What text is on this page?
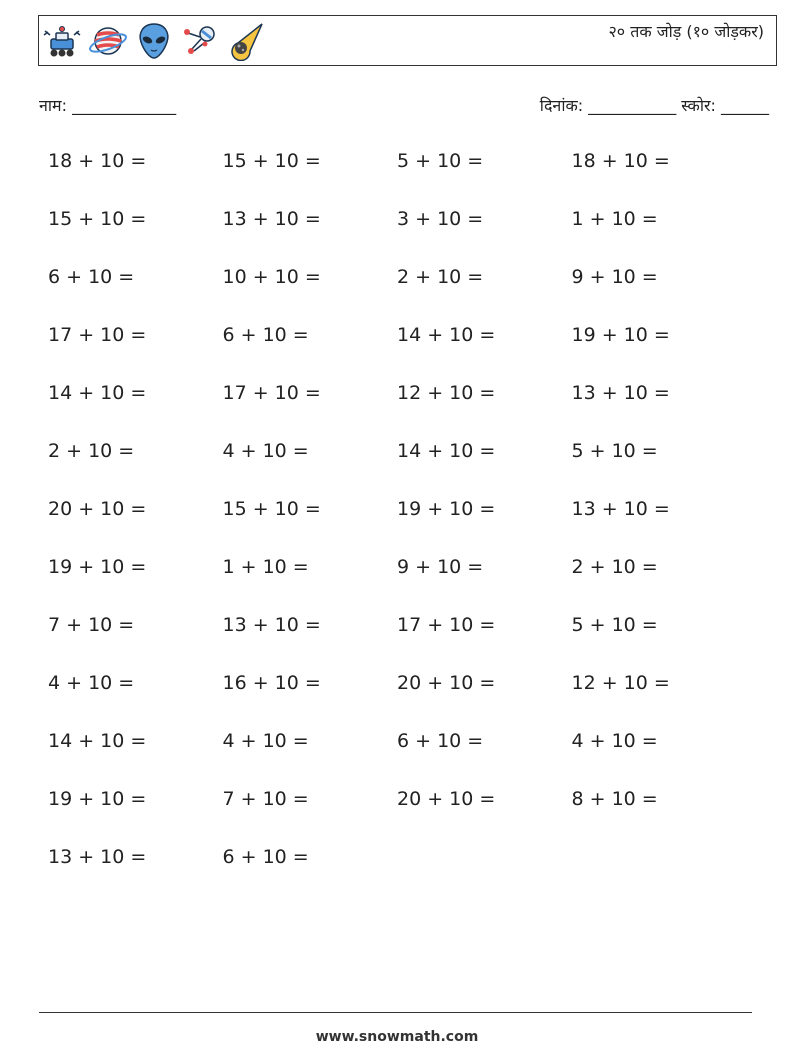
२० तक जोड़ (१० जोड़कर)
नाम: _____________	दिनांक: ___________ स्कोर: ______
18 + 10 =	15 + 10 =	5 + 10 =	18 + 10 =
15 + 10 =	13 + 10 =	3 + 10 =	1 + 10 =
6 + 10 =	10 + 10 =	2 + 10 =	9 + 10 =
17 + 10 =	6 + 10 =	14 + 10 =	19 + 10 =
14 + 10 =	17 + 10 =	12 + 10 =	13 + 10 =
2 + 10 =	4 + 10 =	14 + 10 =	5 + 10 =
20 + 10 =	15 + 10 =	19 + 10 =	13 + 10 =
19 + 10 =	1 + 10 =	9 + 10 =	2 + 10 =
7 + 10 =	13 + 10 =	17 + 10 =	5 + 10 =
4 + 10 =	16 + 10 =	20 + 10 =	12 + 10 =
14 + 10 =	4 + 10 =	6 + 10 =	4 + 10 =
19 + 10 =	7 + 10 =	20 + 10 =	8 + 10 =
13 + 10 =	6 + 10 =
www.snowmath.com
